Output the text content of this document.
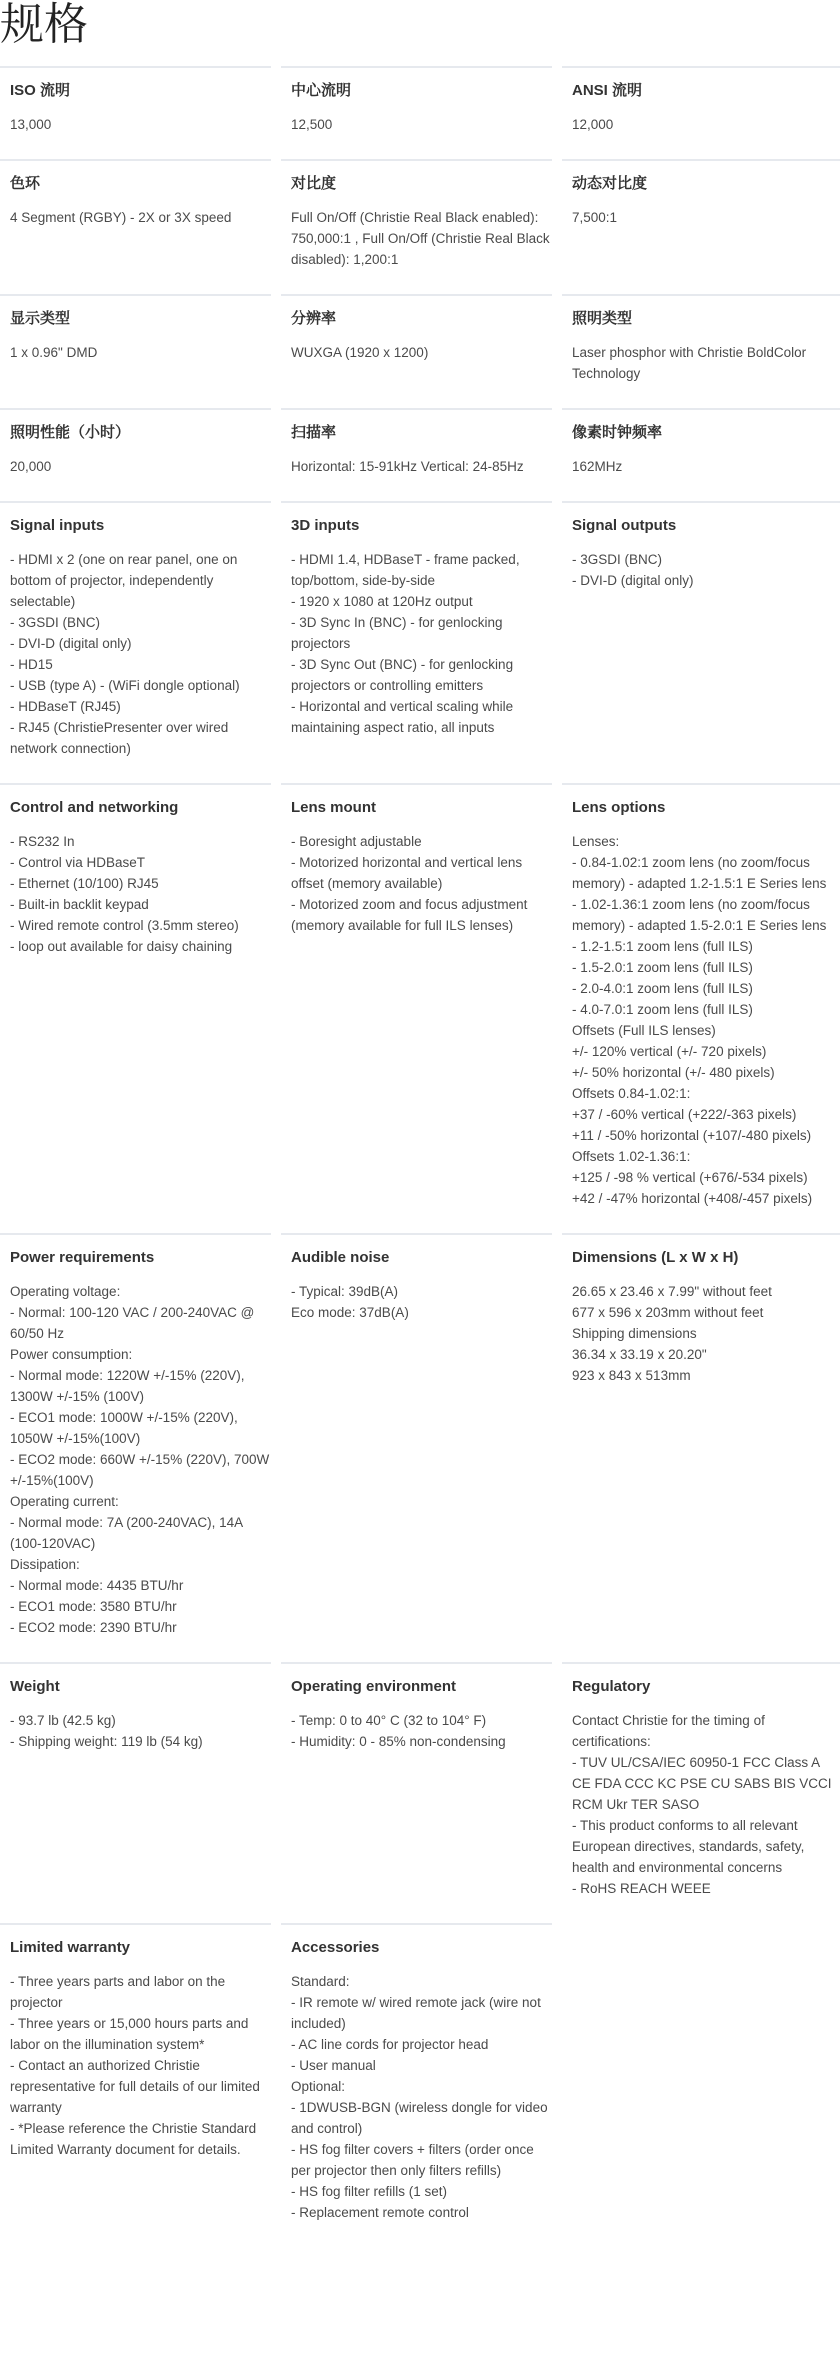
规格
ISO 流明
13,000
中心流明
12,500
ANSI 流明
12,000
色环
4 Segment (RGBY) - 2X or 3X speed
对比度
Full On/Off (Christie Real Black enabled): 750,000:1 , Full On/Off (Christie Real Black disabled): 1,200:1
动态对比度
7,500:1
显示类型
1 x 0.96" DMD
分辨率
WUXGA (1920 x 1200)
照明类型
Laser phosphor with Christie BoldColor Technology
照明性能（小时）
20,000
扫描率
Horizontal: 15-91kHz Vertical: 24-85Hz
像素时钟频率
162MHz
Signal inputs
- HDMI x 2 (one on rear panel, one on bottom of projector, independently selectable)
- 3GSDI (BNC)
- DVI-D (digital only)
- HD15
- USB (type A) - (WiFi dongle optional)
- HDBaseT (RJ45)
- RJ45 (ChristiePresenter over wired network connection)
3D inputs
- HDMI 1.4, HDBaseT - frame packed, top/bottom, side-by-side
- 1920 x 1080 at 120Hz output
- 3D Sync In (BNC) - for genlocking projectors
- 3D Sync Out (BNC) - for genlocking projectors or controlling emitters
- Horizontal and vertical scaling while maintaining aspect ratio, all inputs
Signal outputs
- 3GSDI (BNC)
- DVI-D (digital only)
Control and networking
- RS232 In
- Control via HDBaseT
- Ethernet (10/100) RJ45
- Built-in backlit keypad
- Wired remote control (3.5mm stereo)
- loop out available for daisy chaining
Lens mount
- Boresight adjustable
- Motorized horizontal and vertical lens offset (memory available)
- Motorized zoom and focus adjustment (memory available for full ILS lenses)
Lens options
Lenses:
- 0.84-1.02:1 zoom lens (no zoom/focus memory) - adapted 1.2-1.5:1 E Series lens
- 1.02-1.36:1 zoom lens (no zoom/focus memory) - adapted 1.5-2.0:1 E Series lens
- 1.2-1.5:1 zoom lens (full ILS)
- 1.5-2.0:1 zoom lens (full ILS)
- 2.0-4.0:1 zoom lens (full ILS)
- 4.0-7.0:1 zoom lens (full ILS)
Offsets (Full ILS lenses)
+/- 120% vertical (+/- 720 pixels)
+/- 50% horizontal (+/- 480 pixels)
Offsets 0.84-1.02:1:
+37 / -60% vertical (+222/-363 pixels)
+11 / -50% horizontal (+107/-480 pixels)
Offsets 1.02-1.36:1:
+125 / -98 % vertical (+676/-534 pixels)
+42 / -47% horizontal (+408/-457 pixels)
Power requirements
Operating voltage:
- Normal: 100-120 VAC / 200-240VAC @ 60/50 Hz
Power consumption:
- Normal mode: 1220W +/-15% (220V), 1300W +/-15% (100V)
- ECO1 mode: 1000W +/-15% (220V), 1050W +/-15%(100V)
- ECO2 mode: 660W +/-15% (220V), 700W +/-15%(100V)
Operating current:
- Normal mode: 7A (200-240VAC), 14A (100-120VAC)
Dissipation:
- Normal mode: 4435 BTU/hr
- ECO1 mode: 3580 BTU/hr
- ECO2 mode: 2390 BTU/hr
Audible noise
- Typical: 39dB(A)
Eco mode: 37dB(A)
Dimensions (L x W x H)
26.65 x 23.46 x 7.99" without feet
677 x 596 x 203mm without feet
Shipping dimensions
36.34 x 33.19 x 20.20"
923 x 843 x 513mm
Weight
- 93.7 lb (42.5 kg)
- Shipping weight: 119 lb (54 kg)
Operating environment
- Temp: 0 to 40° C (32 to 104° F)
- Humidity: 0 - 85% non-condensing
Regulatory
Contact Christie for the timing of certifications:
- TUV UL/CSA/IEC 60950-1 FCC Class A CE FDA CCC KC PSE CU SABS BIS VCCI RCM Ukr TER SASO
- This product conforms to all relevant European directives, standards, safety, health and environmental concerns
- RoHS REACH WEEE
Limited warranty
- Three years parts and labor on the projector
- Three years or 15,000 hours parts and labor on the illumination system*
- Contact an authorized Christie representative for full details of our limited warranty
- *Please reference the Christie Standard Limited Warranty document for details.
Accessories
Standard:
- IR remote w/ wired remote jack (wire not included)
- AC line cords for projector head
- User manual
Optional:
- 1DWUSB-BGN (wireless dongle for video and control)
- HS fog filter covers + filters (order once per projector then only filters refills)
- HS fog filter refills (1 set)
- Replacement remote control
